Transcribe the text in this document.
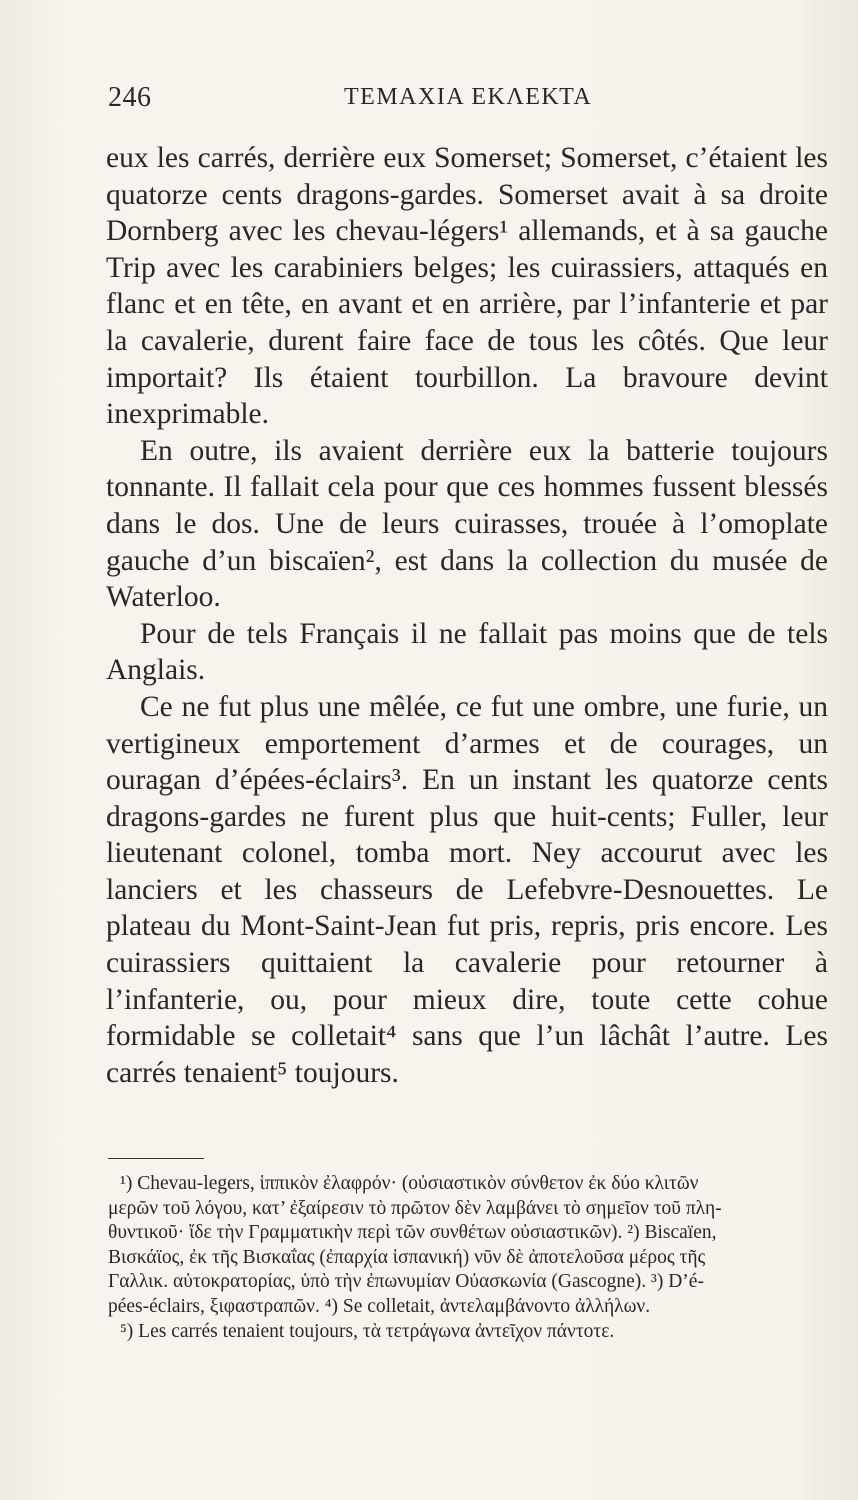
246	ΤΕΜΑΧΙΑ ΕΚΛΕΚΤΑ

eux les carrés, derrière eux Somerset; Somerset, c’étaient les quatorze cents dragons-gardes. Somerset avait à sa droite Dornberg avec les chevau-légers¹ allemands, et à sa gauche Trip avec les carabiniers belges; les cuirassiers, attaqués en flanc et en tête, en avant et en arrière, par l’infanterie et par la cavalerie, durent faire face de tous les côtés. Que leur importait? Ils étaient tourbillon. La bravoure devint inexprimable.

En outre, ils avaient derrière eux la batterie toujours tonnante. Il fallait cela pour que ces hommes fussent blessés dans le dos. Une de leurs cuirasses, trouée à l’omoplate gauche d’un biscaïen², est dans la collection du musée de Waterloo.

Pour de tels Français il ne fallait pas moins que de tels Anglais.

Ce ne fut plus une mêlée, ce fut une ombre, une furie, un vertigineux emportement d’armes et de courages, un ouragan d’épées-éclairs³. En un instant les quatorze cents dragons-gardes ne furent plus que huit-cents; Fuller, leur lieutenant colonel, tomba mort. Ney accourut avec les lanciers et les chasseurs de Lefebvre-Desnouettes. Le plateau du Mont-Saint-Jean fut pris, repris, pris encore. Les cuirassiers quittaient la cavalerie pour retourner à l’infanterie, ou, pour mieux dire, toute cette cohue formidable se colletait⁴ sans que l’un lâchât l’autre. Les carrés tenaient⁵ toujours.

¹) Chevau-legers, ἱππικὸν ἐλαφρόν· (οὐσιαστικὸν σύνθετον ἐκ δύο κλιτῶν

μερῶν τοῦ λόγου, κατ’ ἐξαίρεσιν τὸ πρῶτον δὲν λαμβάνει τὸ σημεῖον τοῦ πλη-

θυντικοῦ· ἴδε τὴν Γραμματικὴν περὶ τῶν συνθέτων οὐσιαστικῶν). ²) Biscaïen,

Βισκάϊος, ἐκ τῆς Βισκαΐας (ἐπαρχία ἱσπανική) νῦν δὲ ἀποτελοῦσα μέρος τῆς

Γαλλικ. αὐτοκρατορίας, ὑπὸ τὴν ἐπωνυμίαν Οὐασκωνία (Gascogne). ³) D’é-

pées-éclairs, ξιφαστραπῶν. ⁴) Se colletait, ἀντελαμβάνοντο ἀλλήλων.

⁵) Les carrés tenaient toujours, τὰ τετράγωνα ἀντεῖχον πάντοτε.
